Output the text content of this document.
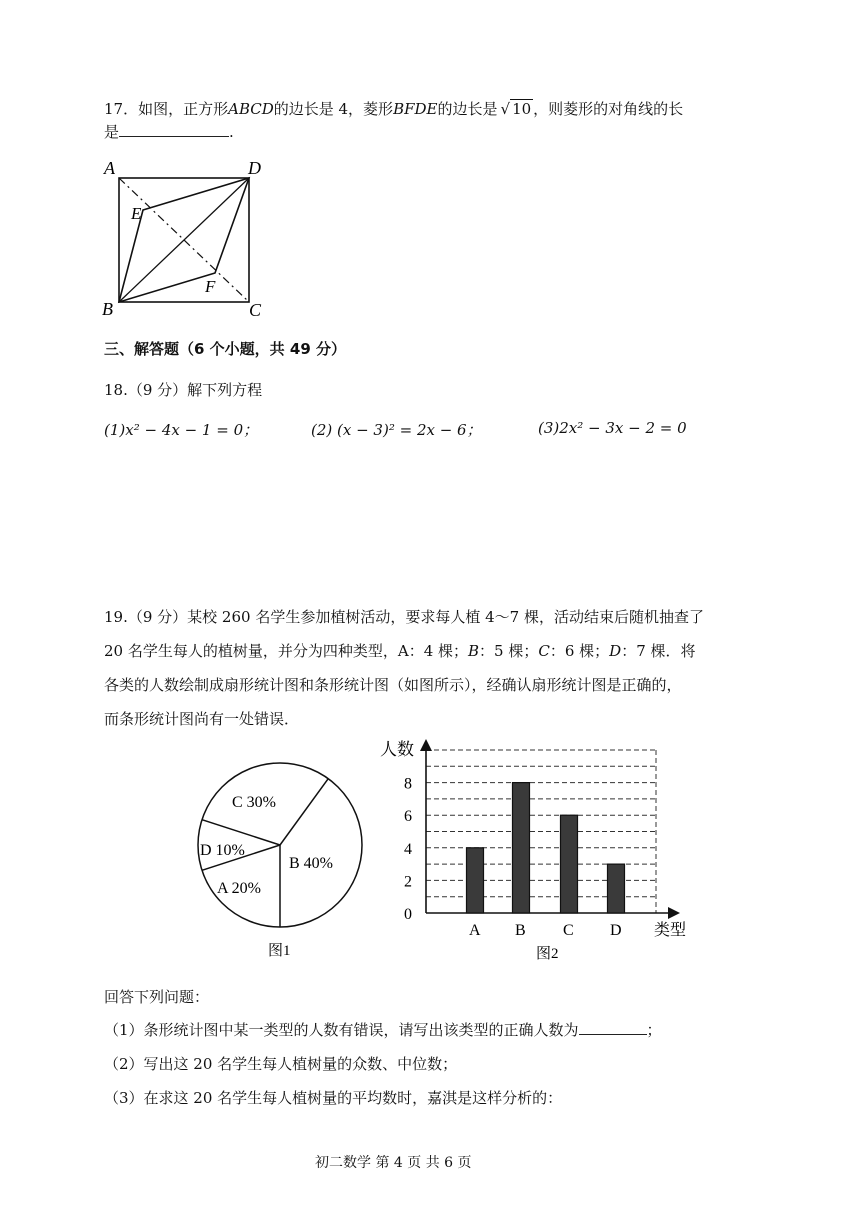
17．如图，正方形ABCD的边长是 4，菱形BFDE的边长是 √ 10 ，则菱形的对角线的长
是	.
A	D
E
F
B	C
三、解答题（6 个小题，共 49 分）
18.（9 分）解下列方程
(1)x² − 4x − 1 = 0；	(2) (x − 3)² = 2x − 6；	(3)2x² − 3x − 2 = 0
19.（9 分）某校 260 名学生参加植树活动，要求每人植 4～7 棵，活动结束后随机抽查了
20 名学生每人的植树量，并分为四种类型，A：4 棵；B：5 棵；C：6 棵；D：7 棵．将
各类的人数绘制成扇形统计图和条形统计图（如图所示），经确认扇形统计图是正确的，
而条形统计图尚有一处错误．
C 30%
D 10%
A 20%
B 40%
图1
人数
类型
0
2
4
6
8
A B C D
图2
回答下列问题：
（1）条形统计图中某一类型的人数有错误，请写出该类型的正确人数为	；
（2）写出这 20 名学生每人植树量的众数、中位数；
（3）在求这 20 名学生每人植树量的平均数时，嘉淇是这样分析的：
初二数学 第 4 页 共 6 页
